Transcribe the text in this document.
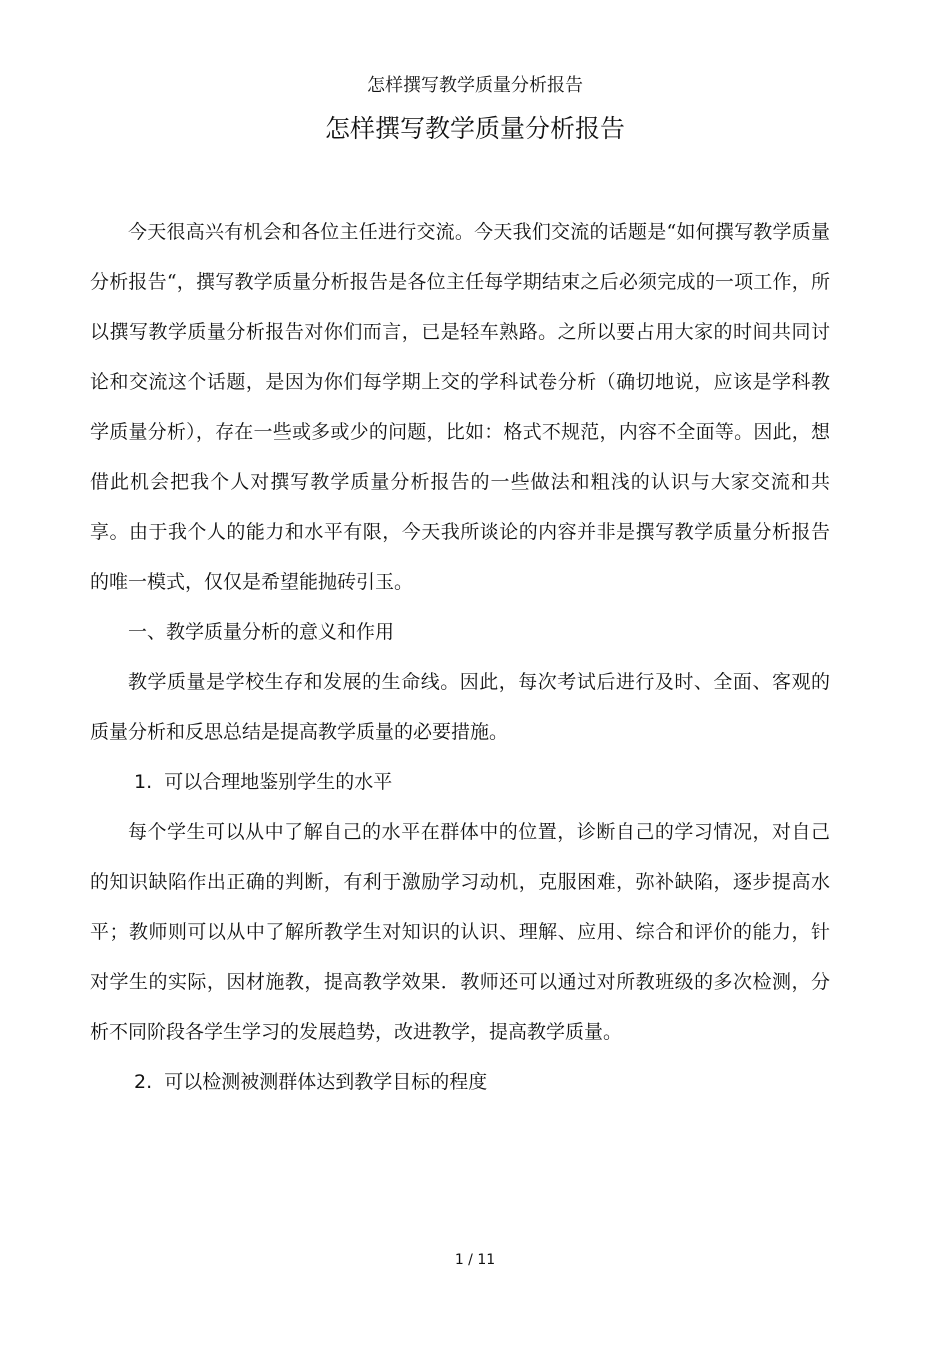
怎样撰写教学质量分析报告
怎样撰写教学质量分析报告

今天很高兴有机会和各位主任进行交流。今天我们交流的话题是“如何撰写教学质量分析报告“，撰写教学质量分析报告是各位主任每学期结束之后必须完成的一项工作，所以撰写教学质量分析报告对你们而言，已是轻车熟路。之所以要占用大家的时间共同讨论和交流这个话题，是因为你们每学期上交的学科试卷分析（确切地说，应该是学科教学质量分析），存在一些或多或少的问题，比如：格式不规范，内容不全面等。因此，想借此机会把我个人对撰写教学质量分析报告的一些做法和粗浅的认识与大家交流和共享。由于我个人的能力和水平有限，今天我所谈论的内容并非是撰写教学质量分析报告的唯一模式，仅仅是希望能抛砖引玉。

一、教学质量分析的意义和作用

教学质量是学校生存和发展的生命线。因此，每次考试后进行及时、全面、客观的质量分析和反思总结是提高教学质量的必要措施。

1. 可以合理地鉴别学生的水平

每个学生可以从中了解自己的水平在群体中的位置，诊断自己的学习情况，对自己的知识缺陷作出正确的判断，有利于激励学习动机，克服困难，弥补缺陷，逐步提高水平；教师则可以从中了解所教学生对知识的认识、理解、应用、综合和评价的能力，针对学生的实际，因材施教，提高教学效果．教师还可以通过对所教班级的多次检测，分析不同阶段各学生学习的发展趋势，改进教学，提高教学质量。

2. 可以检测被测群体达到教学目标的程度

1 / 11
